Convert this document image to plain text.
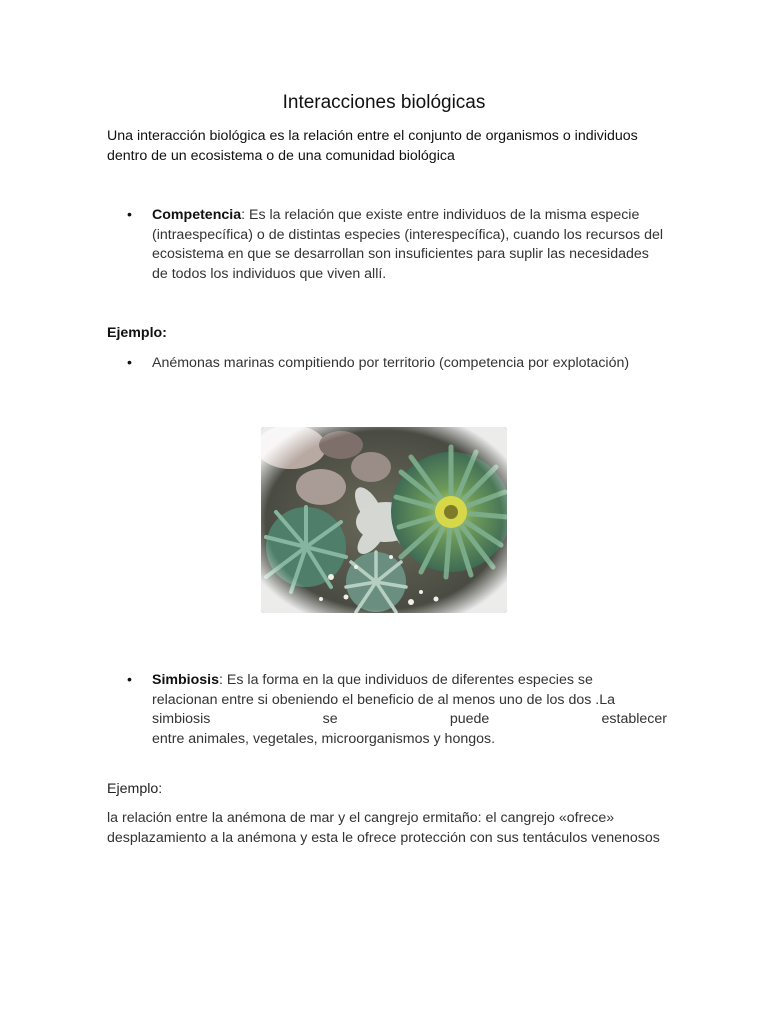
Interacciones biológicas

Una interacción biológica es la relación entre el conjunto de organismos o individuos dentro de un ecosistema o de una comunidad biológica

• Competencia: Es la relación que existe entre individuos de la misma especie (intraespecífica) o de distintas especies (interespecífica), cuando los recursos del ecosistema en que se desarrollan son insuficientes para suplir las necesidades de todos los individuos que viven allí.

Ejemplo:

• Anémonas marinas compitiendo por territorio (competencia por explotación)
• Simbiosis: Es la forma en la que individuos de diferentes especies se
relacionan entre si obeniendo el beneficio de al menos uno de los dos .La
simbiosis	se	puede	establecer
entre animales, vegetales, microorganismos y hongos.

Ejemplo:

la relación entre la anémona de mar y el cangrejo ermitaño: el cangrejo «ofrece» desplazamiento a la anémona y esta le ofrece protección con sus tentáculos venenosos
